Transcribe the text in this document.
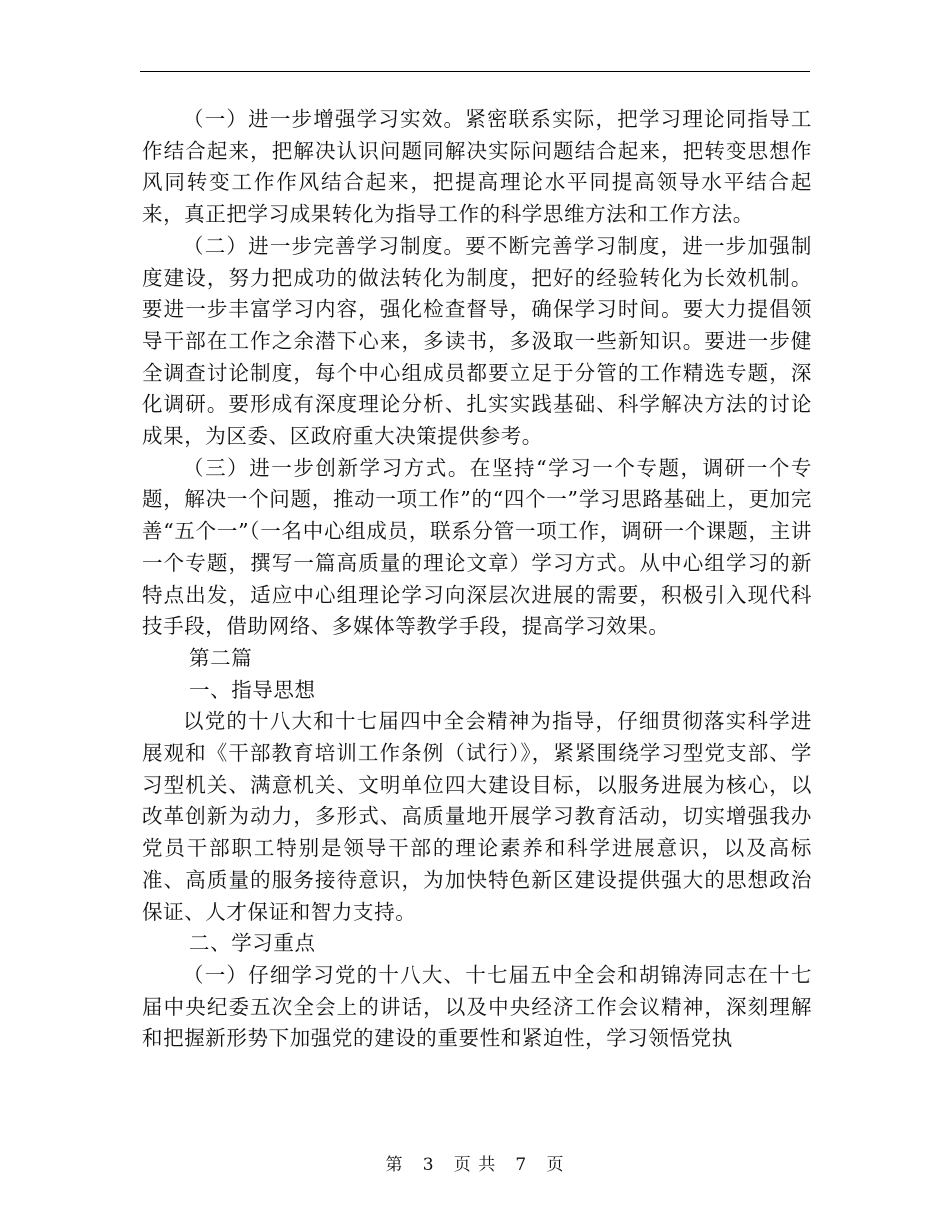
（一）进一步增强学习实效。紧密联系实际，把学习理论同指导工作结合起来，把解决认识问题同解决实际问题结合起来，把转变思想作风同转变工作作风结合起来，把提高理论水平同提高领导水平结合起来，真正把学习成果转化为指导工作的科学思维方法和工作方法。

（二）进一步完善学习制度。要不断完善学习制度，进一步加强制度建设，努力把成功的做法转化为制度，把好的经验转化为长效机制。要进一步丰富学习内容，强化检查督导，确保学习时间。要大力提倡领导干部在工作之余潜下心来，多读书，多汲取一些新知识。要进一步健全调查讨论制度，每个中心组成员都要立足于分管的工作精选专题，深化调研。要形成有深度理论分析、扎实实践基础、科学解决方法的讨论成果，为区委、区政府重大决策提供参考。

（三）进一步创新学习方式。在坚持“学习一个专题，调研一个专题，解决一个问题，推动一项工作”的“四个一”学习思路基础上，更加完善“五个一”（一名中心组成员，联系分管一项工作，调研一个课题，主讲一个专题，撰写一篇高质量的理论文章）学习方式。从中心组学习的新特点出发，适应中心组理论学习向深层次进展的需要，积极引入现代科技手段，借助网络、多媒体等教学手段，提高学习效果。

第二篇

一、指导思想

以党的十八大和十七届四中全会精神为指导，仔细贯彻落实科学进展观和《干部教育培训工作条例（试行）》，紧紧围绕学习型党支部、学习型机关、满意机关、文明单位四大建设目标，以服务进展为核心，以改革创新为动力，多形式、高质量地开展学习教育活动，切实增强我办党员干部职工特别是领导干部的理论素养和科学进展意识，以及高标准、高质量的服务接待意识，为加快特色新区建设提供强大的思想政治保证、人才保证和智力支持。

二、学习重点

（一）仔细学习党的十八大、十七届五中全会和胡锦涛同志在十七届中央纪委五次全会上的讲话，以及中央经济工作会议精神，深刻理解和把握新形势下加强党的建设的重要性和紧迫性，学习领悟党执

第 3 页 共 7 页
